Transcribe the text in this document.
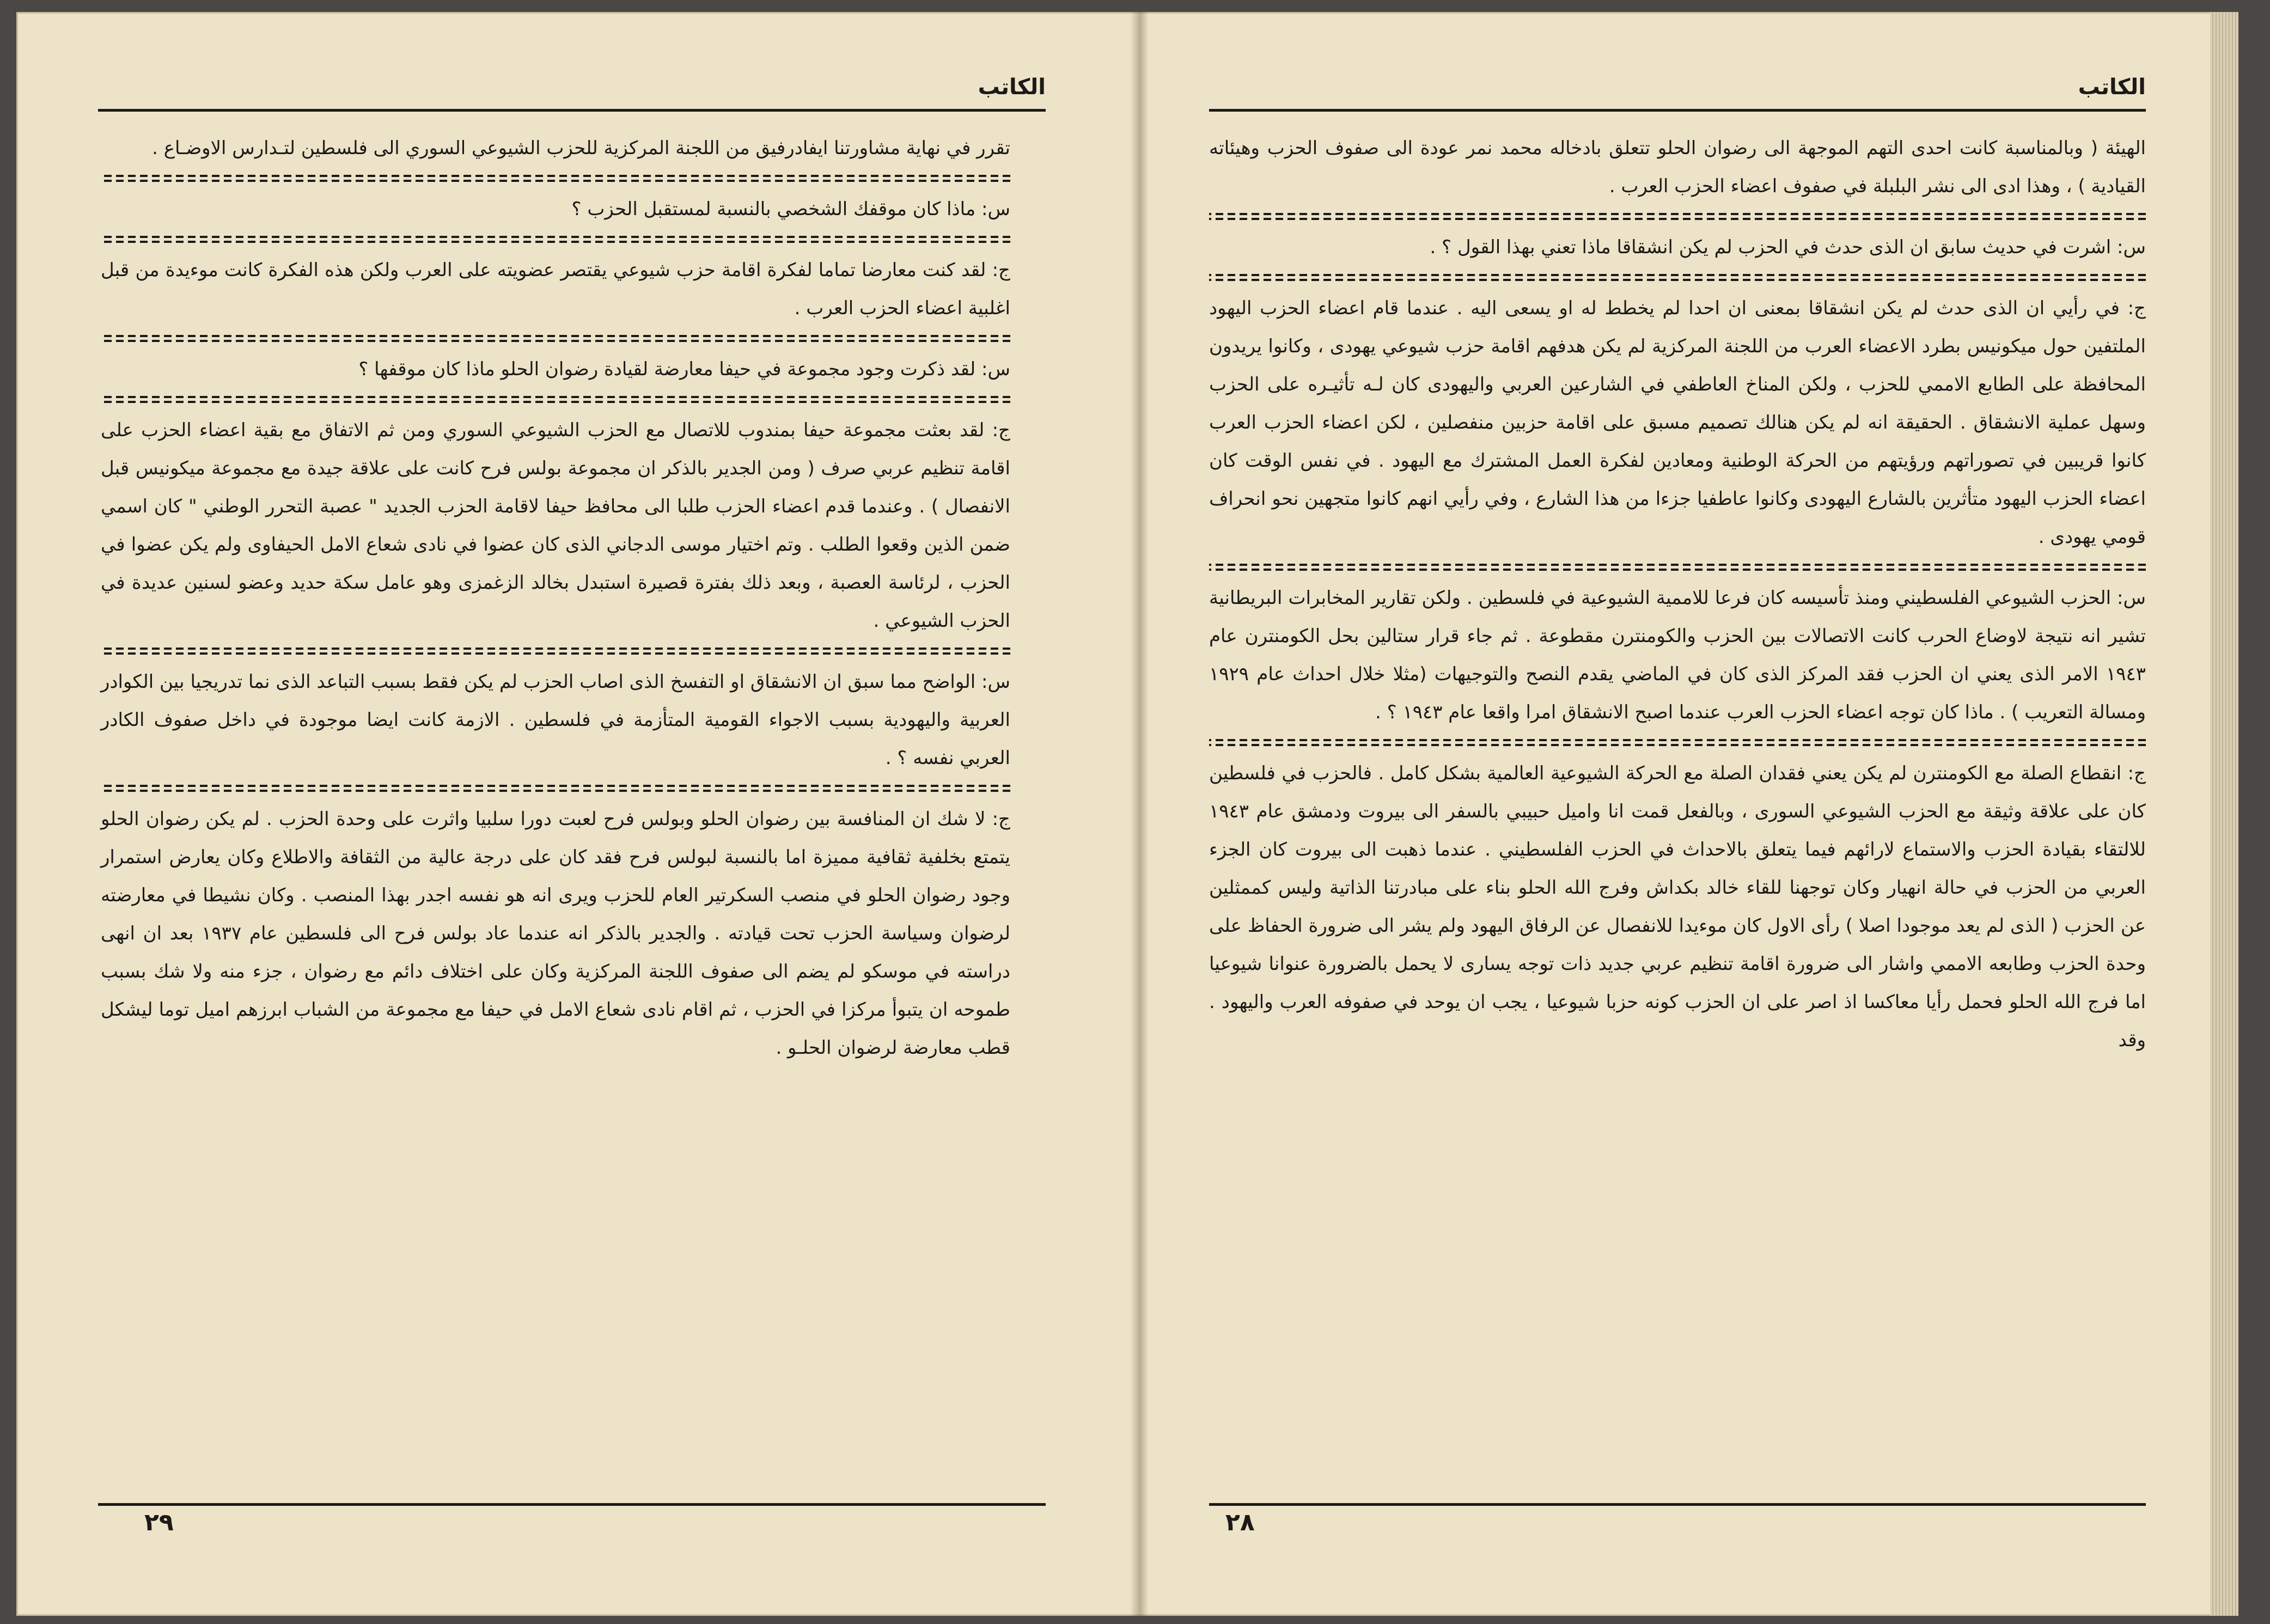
الكاتب

تقرر في نهاية مشاورتنا ايفادرفيق من اللجنة المركزية للحزب الشيوعي السوري الى فلسطين لتـدارس الاوضـاع .

س: ماذا كان موقفك الشخصي بالنسبة لمستقبل الحزب ؟

ج: لقد كنت معارضا تماما لفكرة اقامة حزب شيوعي يقتصر عضويته على العرب ولكن هذه الفكرة كانت موءيدة من قبل اغلبية اعضاء الحزب العرب .

س: لقد ذكرت وجود مجموعة في حيفا معارضة لقيادة رضوان الحلو ماذا كان موقفها ؟

ج: لقد بعثت مجموعة حيفا بمندوب للاتصال مع الحزب الشيوعي السوري ومن ثم الاتفاق مع بقية اعضاء الحزب على اقامة تنظيم عربي صرف ( ومن الجدير بالذكر ان مجموعة بولس فرح كانت على علاقة جيدة مع مجموعة ميكونيس قبل الانفصال ) . وعندما قدم اعضاء الحزب طلبا الى محافظ حيفا لاقامة الحزب الجديد " عصبة التحرر الوطني " كان اسمي ضمن الذين وقعوا الطلب . وتم اختيار موسى الدجاني الذى كان عضوا في نادى شعاع الامل الحيفاوى ولم يكن عضوا في الحزب ، لرئاسة العصبة ، وبعد ذلك بفترة قصيرة استبدل بخالد الزغمزى وهو عامل سكة حديد وعضو لسنين عديدة في الحزب الشيوعي .

س: الواضح مما سبق ان الانشقاق او التفسخ الذى اصاب الحزب لم يكن فقط بسبب التباعد الذى نما تدريجيا بين الكوادر العربية واليهودية بسبب الاجواء القومية المتأزمة في فلسطين . الازمة كانت ايضا موجودة في داخل صفوف الكادر العربي نفسه ؟ .

ج: لا شك ان المنافسة بين رضوان الحلو وبولس فرح لعبت دورا سلبيا واثرت على وحدة الحزب . لم يكن رضوان الحلو يتمتع بخلفية ثقافية مميزة اما بالنسبة لبولس فرح فقد كان على درجة عالية من الثقافة والاطلاع وكان يعارض استمرار وجود رضوان الحلو في منصب السكرتير العام للحزب ويرى انه هو نفسه اجدر بهذا المنصب . وكان نشيطا في معارضته لرضوان وسياسة الحزب تحت قيادته . والجدير بالذكر انه عندما عاد بولس فرح الى فلسطين عام ١٩٣٧ بعد ان انهى دراسته في موسكو لم يضم الى صفوف اللجنة المركزية وكان على اختلاف دائم مع رضوان ، جزء منه ولا شك بسبب طموحه ان يتبوأ مركزا في الحزب ، ثم اقام نادى شعاع الامل في حيفا مع مجموعة من الشباب ابرزهم اميل توما ليشكل قطب معارضة لرضوان الحلـو .

٢٩
الكاتب

الهيئة ( وبالمناسبة كانت احدى التهم الموجهة الى رضوان الحلو تتعلق بادخاله محمد نمر عودة الى صفوف الحزب وهيئاته القيادية ) ، وهذا ادى الى نشر البلبلة في صفوف اعضاء الحزب العرب .

س: اشرت في حديث سابق ان الذى حدث في الحزب لم يكن انشقاقا ماذا تعني بهذا القول ؟ .

ج: في رأيي ان الذى حدث لم يكن انشقاقا بمعنى ان احدا لم يخطط له او يسعى اليه . عندما قام اعضاء الحزب اليهود الملتفين حول ميكونيس بطرد الاعضاء العرب من اللجنة المركزية لم يكن هدفهم اقامة حزب شيوعي يهودى ، وكانوا يريدون المحافظة على الطابع الاممي للحزب ، ولكن المناخ العاطفي في الشارعين العربي واليهودى كان لـه تأثيـره على الحزب وسهل عملية الانشقاق . الحقيقة انه لم يكن هنالك تصميم مسبق على اقامة حزبين منفصلين ، لكن اعضاء الحزب العرب كانوا قريبين في تصوراتهم ورؤيتهم من الحركة الوطنية ومعادين لفكرة العمل المشترك مع اليهود . في نفس الوقت كان اعضاء الحزب اليهود متأثرين بالشارع اليهودى وكانوا عاطفيا جزءا من هذا الشارع ، وفي رأيي انهم كانوا متجهين نحو انحراف قومي يهودى .

س: الحزب الشيوعي الفلسطيني ومنذ تأسيسه كان فرعا للاممية الشيوعية في فلسطين . ولكن تقارير المخابرات البريطانية تشير انه نتيجة لاوضاع الحرب كانت الاتصالات بين الحزب والكومنترن مقطوعة . ثم جاء قرار ستالين بحل الكومنترن عام ١٩٤٣ الامر الذى يعني ان الحزب فقد المركز الذى كان في الماضي يقدم النصح والتوجيهات (مثلا خلال احداث عام ١٩٢٩ ومسالة التعريب ) . ماذا كان توجه اعضاء الحزب العرب عندما اصبح الانشقاق امرا واقعا عام ١٩٤٣ ؟ .

ج: انقطاع الصلة مع الكومنترن لم يكن يعني فقدان الصلة مع الحركة الشيوعية العالمية بشكل كامل . فالحزب في فلسطين كان على علاقة وثيقة مع الحزب الشيوعي السورى ، وبالفعل قمت انا واميل حبيبي بالسفر الى بيروت ودمشق عام ١٩٤٣ للالتقاء بقيادة الحزب والاستماع لارائهم فيما يتعلق بالاحداث في الحزب الفلسطيني . عندما ذهبت الى بيروت كان الجزء العربي من الحزب في حالة انهيار وكان توجهنا للقاء خالد بكداش وفرج الله الحلو بناء على مبادرتنا الذاتية وليس كممثلين عن الحزب ( الذى لم يعد موجودا اصلا ) رأى الاول كان موءيدا للانفصال عن الرفاق اليهود ولم يشر الى ضرورة الحفاظ على وحدة الحزب وطابعه الاممي واشار الى ضرورة اقامة تنظيم عربي جديد ذات توجه يسارى لا يحمل بالضرورة عنوانا شيوعيا اما فرج الله الحلو فحمل رأيا معاكسا اذ اصر على ان الحزب كونه حزبا شيوعيا ، يجب ان يوحد في صفوفه العرب واليهود . وقد

٢٨
